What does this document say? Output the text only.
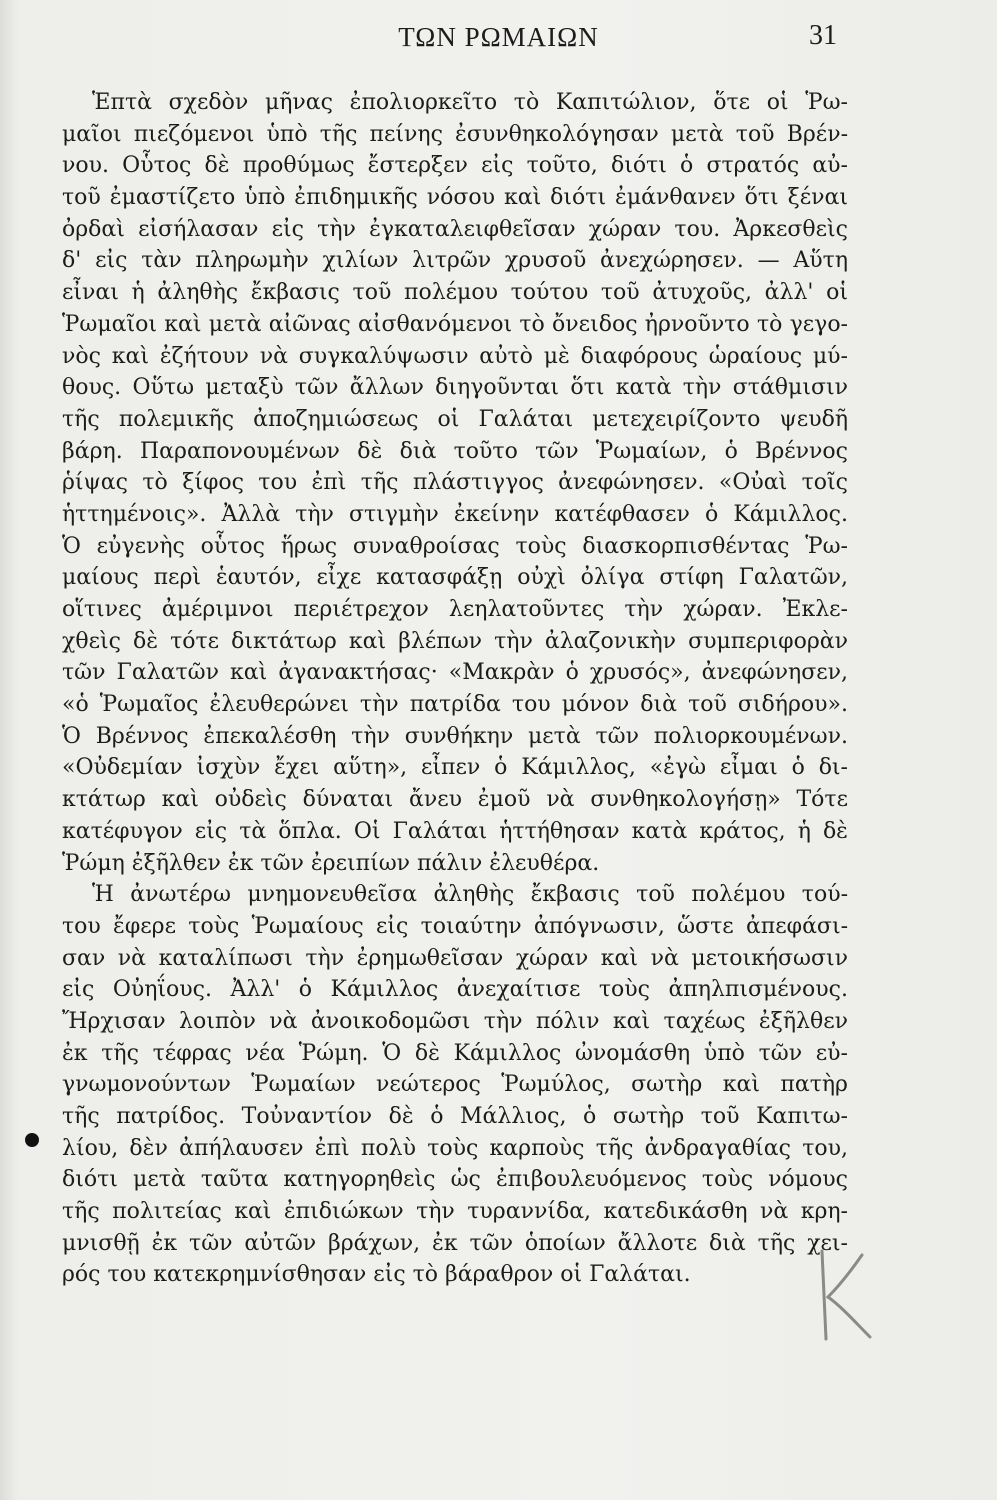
ΤΩΝ ΡΩΜΑΙΩΝ	31
Ἑπτὰ σχεδὸν μῆνας ἐπολιορκεῖτο τὸ Καπιτώλιον, ὅτε οἱ Ῥω-
μαῖοι πιεζόμενοι ὑπὸ τῆς πείνης ἐσυνθηκολόγησαν μετὰ τοῦ Βρέν-
νου. Οὗτος δὲ προθύμως ἔστερξεν εἰς τοῦτο, διότι ὁ στρατός αὐ-
τοῦ ἐμαστίζετο ὑπὸ ἐπιδημικῆς νόσου καὶ διότι ἐμάνθανεν ὅτι ξέναι
ὀρδαὶ εἰσήλασαν εἰς τὴν ἐγκαταλειφθεῖσαν χώραν του. Ἀρκεσθεὶς
δ' εἰς τὰν πληρωμὴν χιλίων λιτρῶν χρυσοῦ ἀνεχώρησεν. — Αὕτη
εἶναι ἡ ἀληθὴς ἔκβασις τοῦ πολέμου τούτου τοῦ ἀτυχοῦς, ἀλλ' οἱ
Ῥωμαῖοι καὶ μετὰ αἰῶνας αἰσθανόμενοι τὸ ὄνειδος ἠρνοῦντο τὸ γεγο-
νὸς καὶ ἐζήτουν νὰ συγκαλύψωσιν αὐτὸ μὲ διαφόρους ὡραίους μύ-
θους. Οὕτω μεταξὺ τῶν ἄλλων διηγοῦνται ὅτι κατὰ τὴν στάθμισιν
τῆς πολεμικῆς ἀποζημιώσεως οἱ Γαλάται μετεχειρίζοντο ψευδῆ
βάρη. Παραπονουμένων δὲ διὰ τοῦτο τῶν Ῥωμαίων, ὁ Βρέννος
ῥίψας τὸ ξίφος του ἐπὶ τῆς πλάστιγγος ἀνεφώνησεν. «Οὐαὶ τοῖς
ἡττημένοις». Ἀλλὰ τὴν στιγμὴν ἐκείνην κατέφθασεν ὁ Κάμιλλος.
Ὁ εὐγενὴς οὗτος ἥρως συναθροίσας τοὺς διασκορπισθέντας Ῥω-
μαίους περὶ ἑαυτόν, εἶχε κατασφάξῃ οὐχὶ ὀλίγα στίφη Γαλατῶν,
οἵτινες ἀμέριμνοι περιέτρεχον λεηλατοῦντες τὴν χώραν. Ἐκλε-
χθεὶς δὲ τότε δικτάτωρ καὶ βλέπων τὴν ἀλαζονικὴν συμπεριφορὰν
τῶν Γαλατῶν καὶ ἀγανακτήσας· «Μακρὰν ὁ χρυσός», ἀνεφώνησεν,
«ὁ Ῥωμαῖος ἐλευθερώνει τὴν πατρίδα του μόνον διὰ τοῦ σιδήρου».
Ὁ Βρέννος ἐπεκαλέσθη τὴν συνθήκην μετὰ τῶν πολιορκουμένων.
«Οὐδεμίαν ἰσχὺν ἔχει αὕτη», εἶπεν ὁ Κάμιλλος, «ἐγὼ εἶμαι ὁ δι-
κτάτωρ καὶ οὐδεὶς δύναται ἄνευ ἐμοῦ νὰ συνθηκολογήσῃ» Τότε
κατέφυγον εἰς τὰ ὅπλα. Οἱ Γαλάται ἡττήθησαν κατὰ κράτος, ἡ δὲ
Ῥώμη ἐξῆλθεν ἐκ τῶν ἐρειπίων πάλιν ἐλευθέρα.
Ἡ ἀνωτέρω μνημονευθεῖσα ἀληθὴς ἔκβασις τοῦ πολέμου τού-
του ἔφερε τοὺς Ῥωμαίους εἰς τοιαύτην ἀπόγνωσιν, ὥστε ἀπεφάσι-
σαν νὰ καταλίπωσι τὴν ἐρημωθεῖσαν χώραν καὶ νὰ μετοικήσωσιν
εἰς Οὐηΐους. Ἀλλ' ὁ Κάμιλλος ἀνεχαίτισε τοὺς ἀπηλπισμένους.
Ἤρχισαν λοιπὸν νὰ ἀνοικοδομῶσι τὴν πόλιν καὶ ταχέως ἐξῆλθεν
ἐκ τῆς τέφρας νέα Ῥώμη. Ὁ δὲ Κάμιλλος ὠνομάσθη ὑπὸ τῶν εὐ-
γνωμονούντων Ῥωμαίων νεώτερος Ῥωμύλος, σωτὴρ καὶ πατὴρ
τῆς πατρίδος. Τοὐναντίον δὲ ὁ Μάλλιος, ὁ σωτὴρ τοῦ Καπιτω-
λίου, δὲν ἀπήλαυσεν ἐπὶ πολὺ τοὺς καρποὺς τῆς ἀνδραγαθίας του,
διότι μετὰ ταῦτα κατηγορηθεὶς ὡς ἐπιβουλευόμενος τοὺς νόμους
τῆς πολιτείας καὶ ἐπιδιώκων τὴν τυραννίδα, κατεδικάσθη νὰ κρη-
μνισθῇ ἐκ τῶν αὐτῶν βράχων, ἐκ τῶν ὁποίων ἄλλοτε διὰ τῆς χει-
ρός του κατεκρημνίσθησαν εἰς τὸ βάραθρον οἱ Γαλάται.
